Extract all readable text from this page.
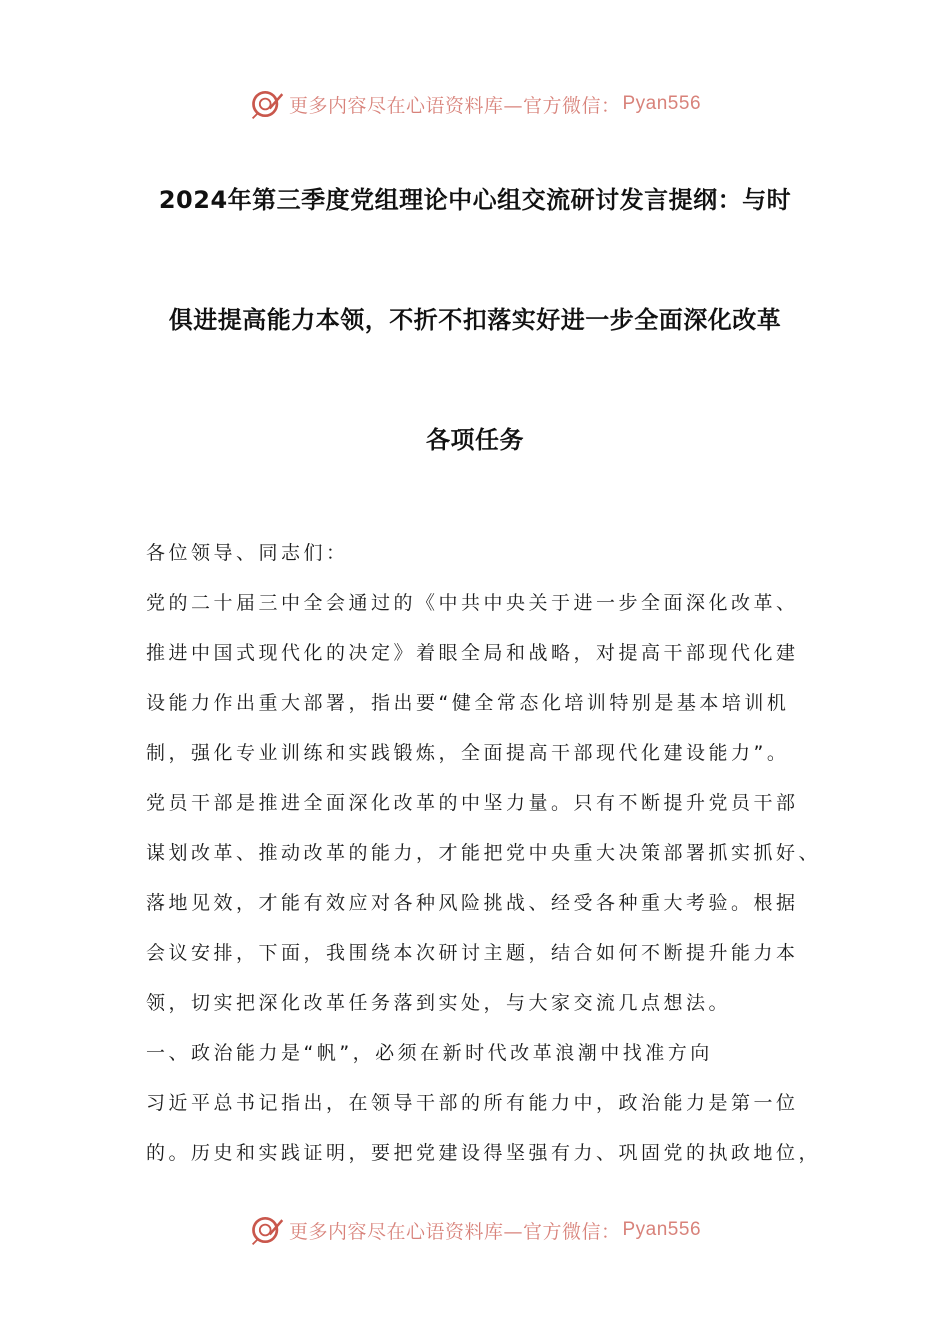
更多内容尽在心语资料库—官方微信： Pyan556
2024年第三季度党组理论中心组交流研讨发言提纲：与时
俱进提高能力本领，不折不扣落实好进一步全面深化改革
各项任务
各位领导、同志们：
党的二十届三中全会通过的《中共中央关于进一步全面深化改革、
推进中国式现代化的决定》着眼全局和战略，对提高干部现代化建
设能力作出重大部署，指出要“健全常态化培训特别是基本培训机
制，强化专业训练和实践锻炼，全面提高干部现代化建设能力”。
党员干部是推进全面深化改革的中坚力量。只有不断提升党员干部
谋划改革、推动改革的能力，才能把党中央重大决策部署抓实抓好、
落地见效，才能有效应对各种风险挑战、经受各种重大考验。根据
会议安排，下面，我围绕本次研讨主题，结合如何不断提升能力本
领，切实把深化改革任务落到实处，与大家交流几点想法。
一、政治能力是“帆”，必须在新时代改革浪潮中找准方向
习近平总书记指出，在领导干部的所有能力中，政治能力是第一位
的。历史和实践证明，要把党建设得坚强有力、巩固党的执政地位，
更多内容尽在心语资料库—官方微信： Pyan556
